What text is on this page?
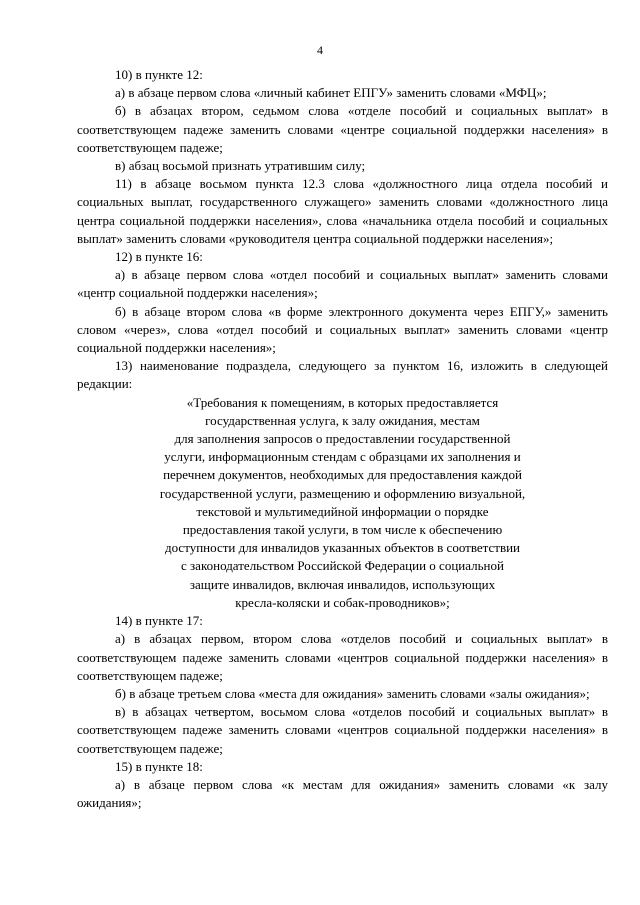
4

10) в пункте 12:

а) в абзаце первом слова «личный кабинет ЕПГУ» заменить словами «МФЦ»;

б) в абзацах втором, седьмом слова «отделе пособий и социальных выплат» в соответствующем падеже заменить словами «центре социальной поддержки населения» в соответствующем падеже;

в) абзац восьмой признать утратившим силу;

11) в абзаце восьмом пункта 12.3 слова «должностного лица отдела пособий и социальных выплат, государственного служащего» заменить словами «должностного лица центра социальной поддержки населения», слова «начальника отдела пособий и социальных выплат» заменить словами «руководителя центра социальной поддержки населения»;

12) в пункте 16:

а) в абзаце первом слова «отдел пособий и социальных выплат» заменить словами «центр социальной поддержки населения»;

б) в абзаце втором слова «в форме электронного документа через ЕПГУ,» заменить словом «через», слова «отдел пособий и социальных выплат» заменить словами «центр социальной поддержки населения»;

13) наименование подраздела, следующего за пунктом 16, изложить в следующей редакции:

«Требования к помещениям, в которых предоставляется

государственная услуга, к залу ожидания, местам

для заполнения запросов о предоставлении государственной

услуги, информационным стендам с образцами их заполнения и

перечнем документов, необходимых для предоставления каждой

государственной услуги, размещению и оформлению визуальной,

текстовой и мультимедийной информации о порядке

предоставления такой услуги, в том числе к обеспечению

доступности для инвалидов указанных объектов в соответствии

с законодательством Российской Федерации о социальной

защите инвалидов, включая инвалидов, использующих

кресла-коляски и собак-проводников»;

14) в пункте 17:

а) в абзацах первом, втором слова «отделов пособий и социальных выплат» в соответствующем падеже заменить словами «центров социальной поддержки населения» в соответствующем падеже;

б) в абзаце третьем слова «места для ожидания» заменить словами «залы ожидания»;

в) в абзацах четвертом, восьмом слова «отделов пособий и социальных выплат» в соответствующем падеже заменить словами «центров социальной поддержки населения» в соответствующем падеже;

15) в пункте 18:

а) в абзаце первом слова «к местам для ожидания» заменить словами «к залу ожидания»;
